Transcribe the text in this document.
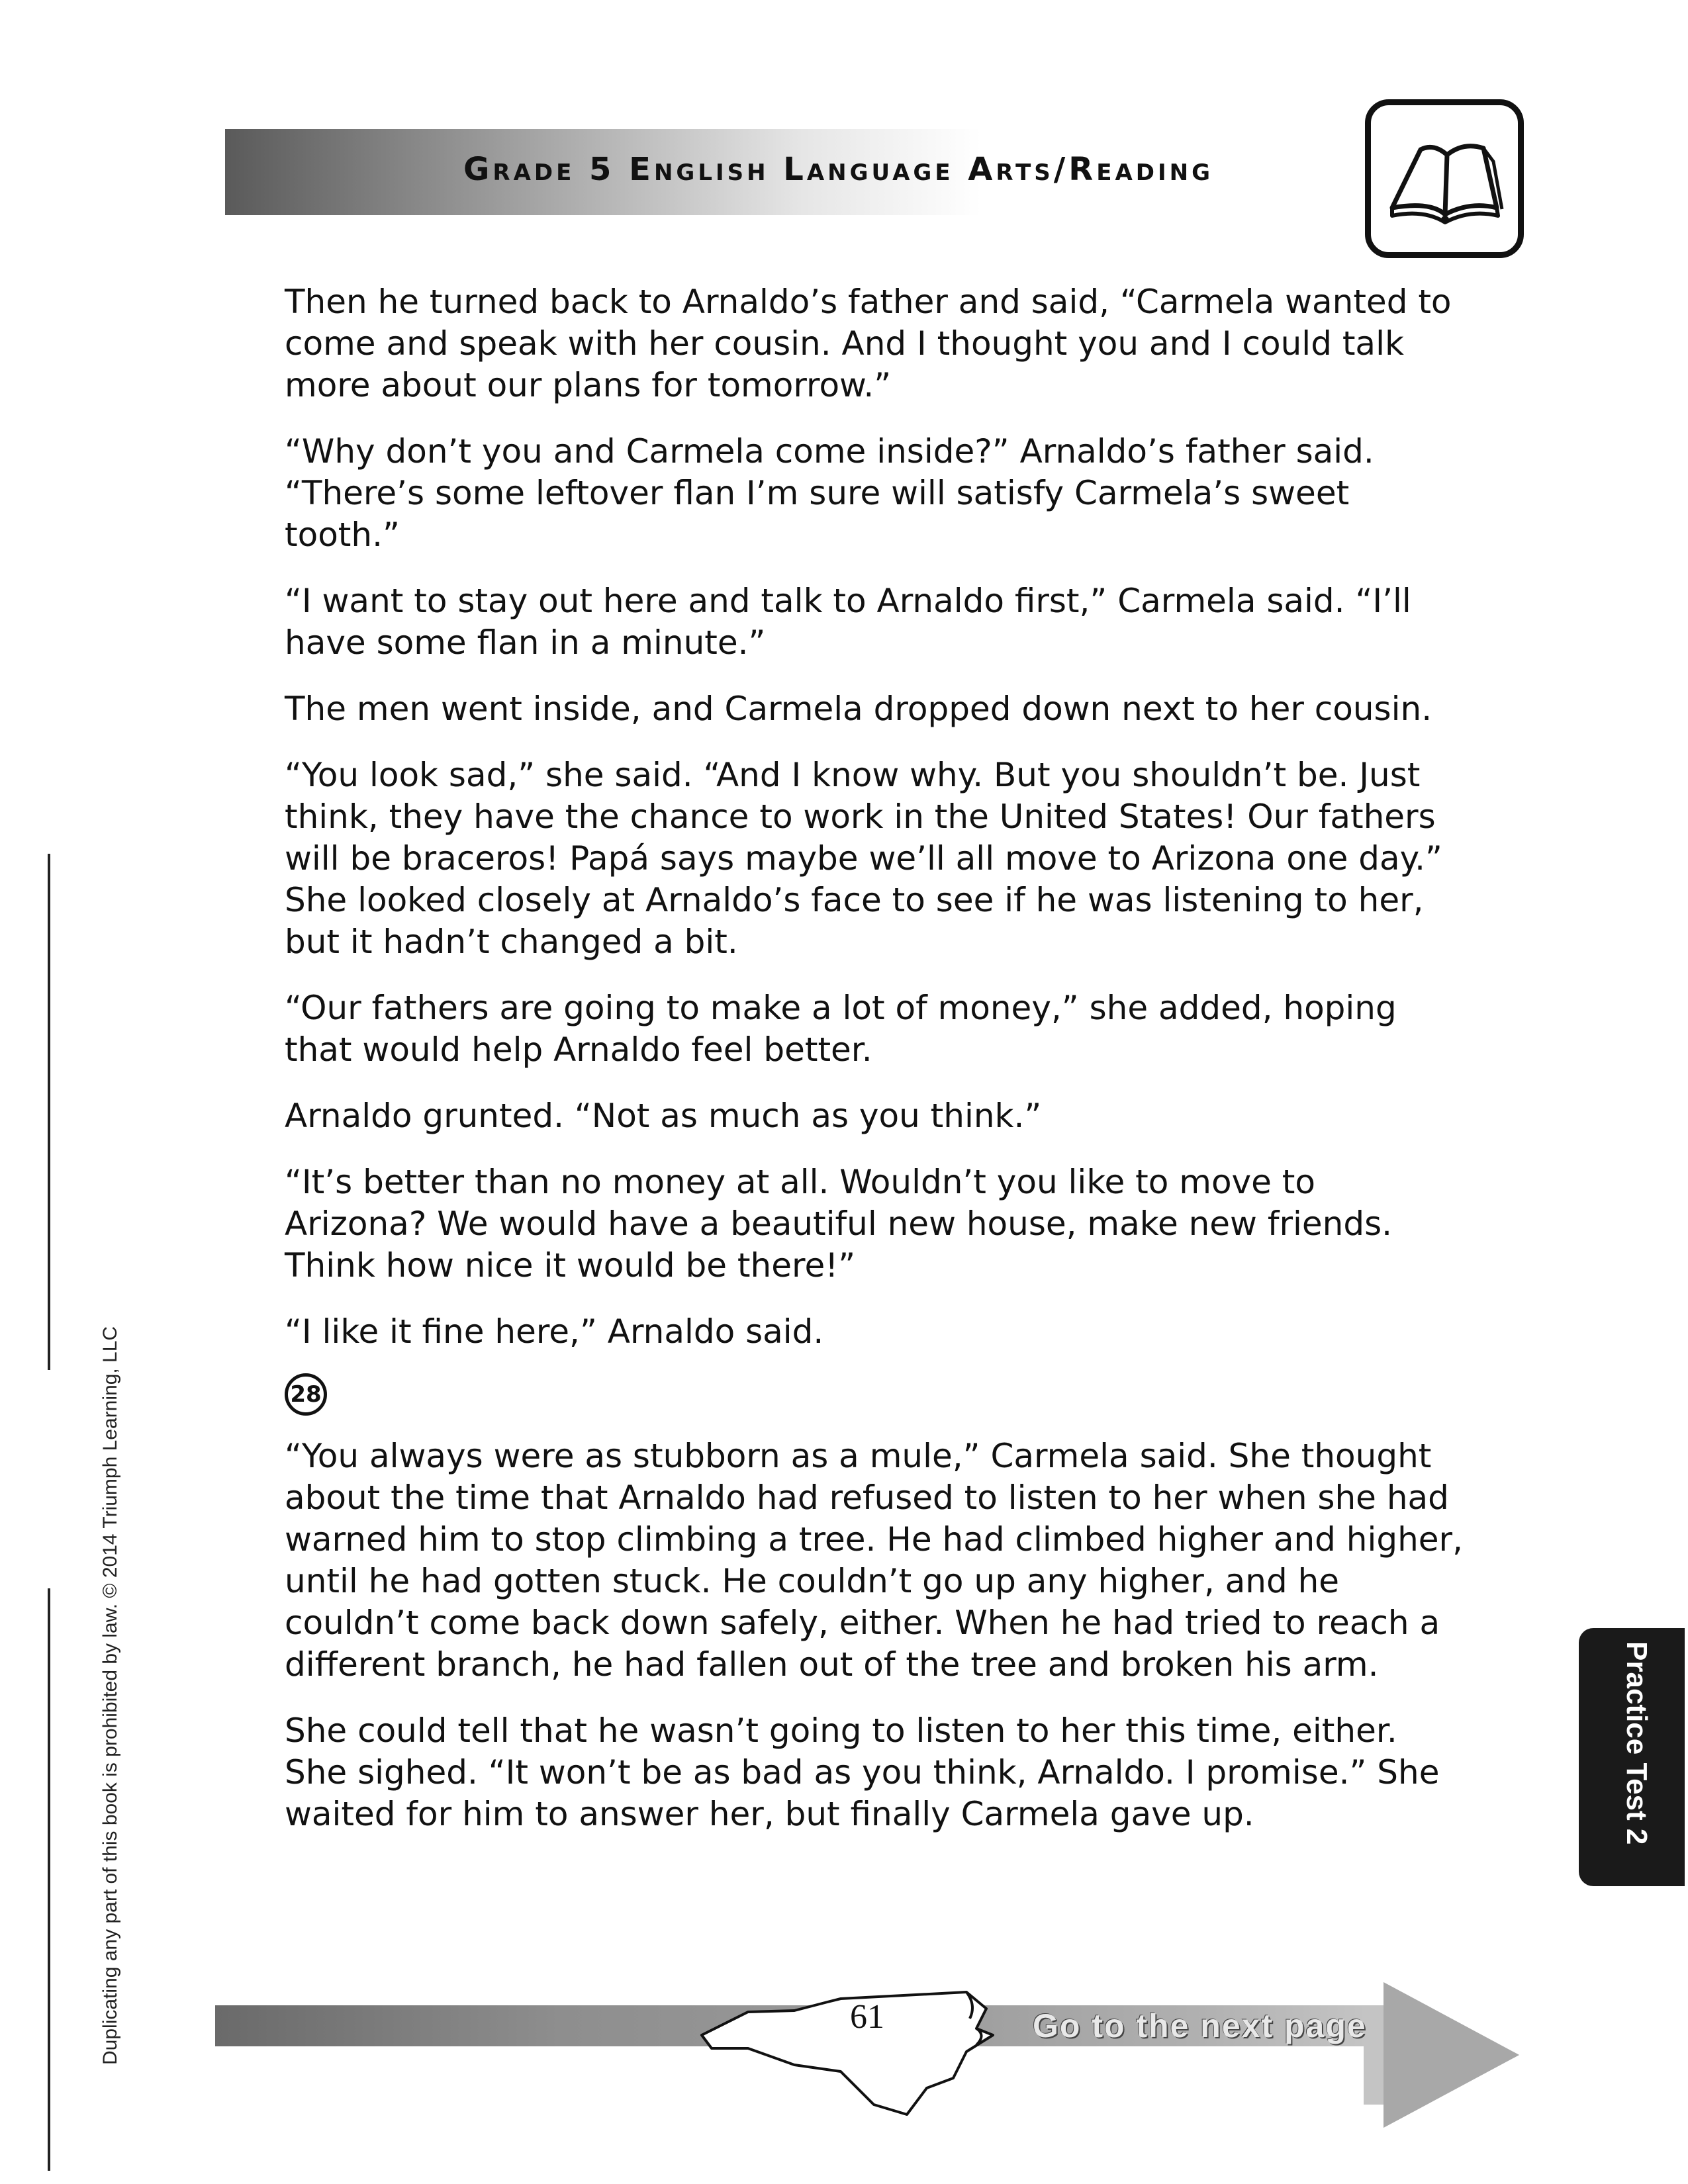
Grade 5 English Language Arts/Reading

Then he turned back to Arnaldo’s father and said, “Carmela wanted to come and speak with her cousin. And I thought you and I could talk more about our plans for tomorrow.”

“Why don’t you and Carmela come inside?” Arnaldo’s father said. “There’s some leftover flan I’m sure will satisfy Carmela’s sweet tooth.”

“I want to stay out here and talk to Arnaldo first,” Carmela said. “I’ll have some flan in a minute.”

The men went inside, and Carmela dropped down next to her cousin.

“You look sad,” she said. “And I know why. But you shouldn’t be. Just think, they have the chance to work in the United States! Our fathers will be braceros! Papá says maybe we’ll all move to Arizona one day.” She looked closely at Arnaldo’s face to see if he was listening to her, but it hadn’t changed a bit.

“Our fathers are going to make a lot of money,” she added, hoping that would help Arnaldo feel better.

Arnaldo grunted. “Not as much as you think.”

“It’s better than no money at all. Wouldn’t you like to move to Arizona? We would have a beautiful new house, make new friends. Think how nice it would be there!”

“I like it fine here,” Arnaldo said.

28

“You always were as stubborn as a mule,” Carmela said. She thought about the time that Arnaldo had refused to listen to her when she had warned him to stop climbing a tree. He had climbed higher and higher, until he had gotten stuck. He couldn’t go up any higher, and he couldn’t come back down safely, either. When he had tried to reach a different branch, he had fallen out of the tree and broken his arm.

She could tell that he wasn’t going to listen to her this time, either. She sighed. “It won’t be as bad as you think, Arnaldo. I promise.” She waited for him to answer her, but finally Carmela gave up.

Duplicating any part of this book is prohibited by law. © 2014 Triumph Learning, LLC	Practice Test 2
61	Go to the next page
